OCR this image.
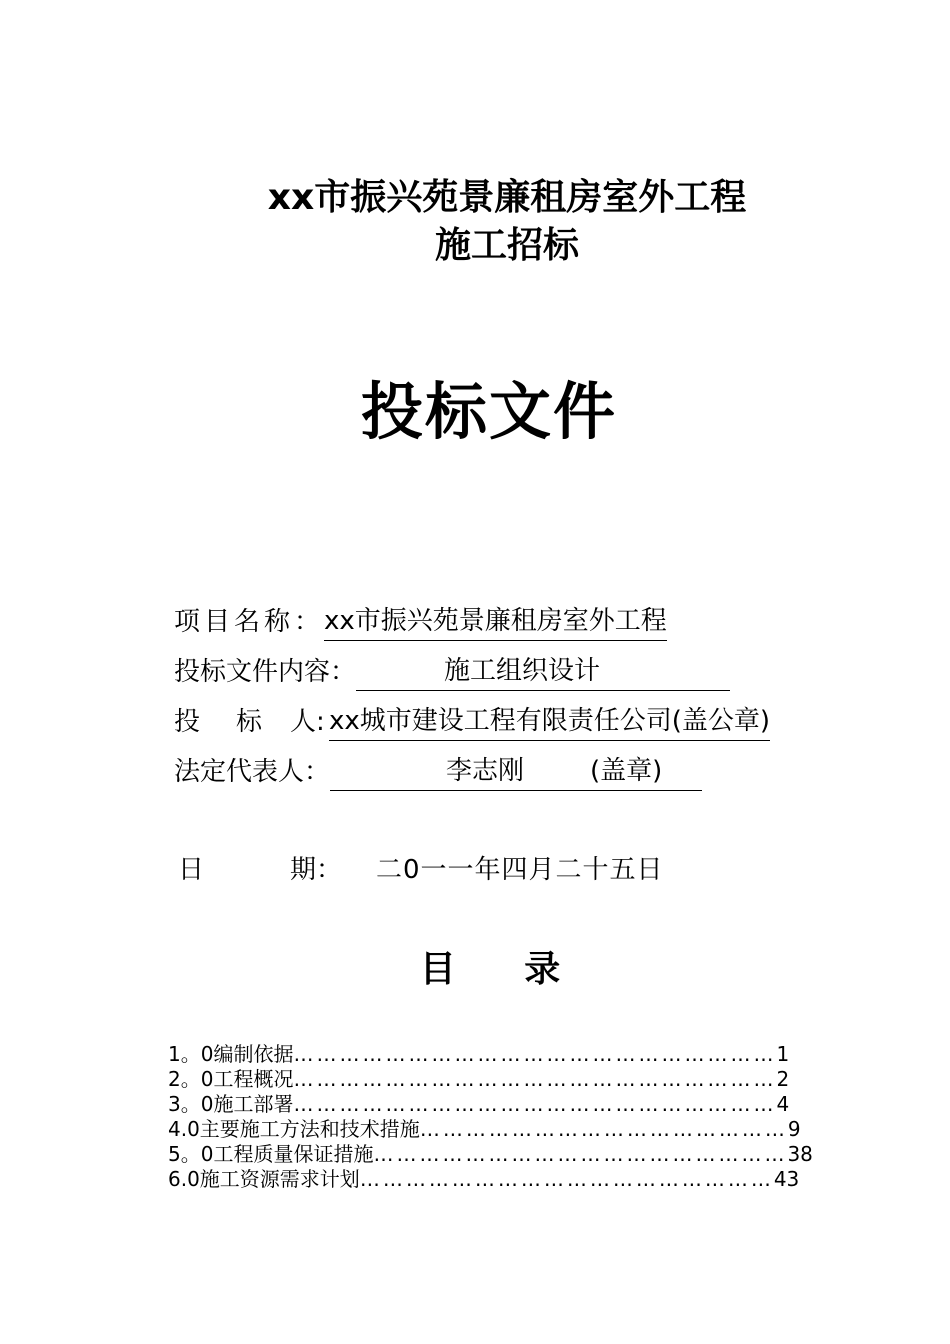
xx市振兴苑景廉租房室外工程
施工招标
投标文件
项目名称：xx市振兴苑景廉租房室外工程
投标文件内容：	施工组织设计
投 标 人: xx城市建设工程有限责任公司(盖公章)
法定代表人：	李志刚	(盖章)
日	期： 二0一一年四月二十五日
目 录
1。0编制依据 ……………………………………………………… 1
2。0工程概况 ……………………………………………………… 2
3。0施工部署 ……………………………………………………… 4
4.0主要施工方法和技术措施 ………………………………………… 9
5。0工程质量保证措施 ……………………………………………… 38
6.0施工资源需求计划 ……………………………………………… 43
